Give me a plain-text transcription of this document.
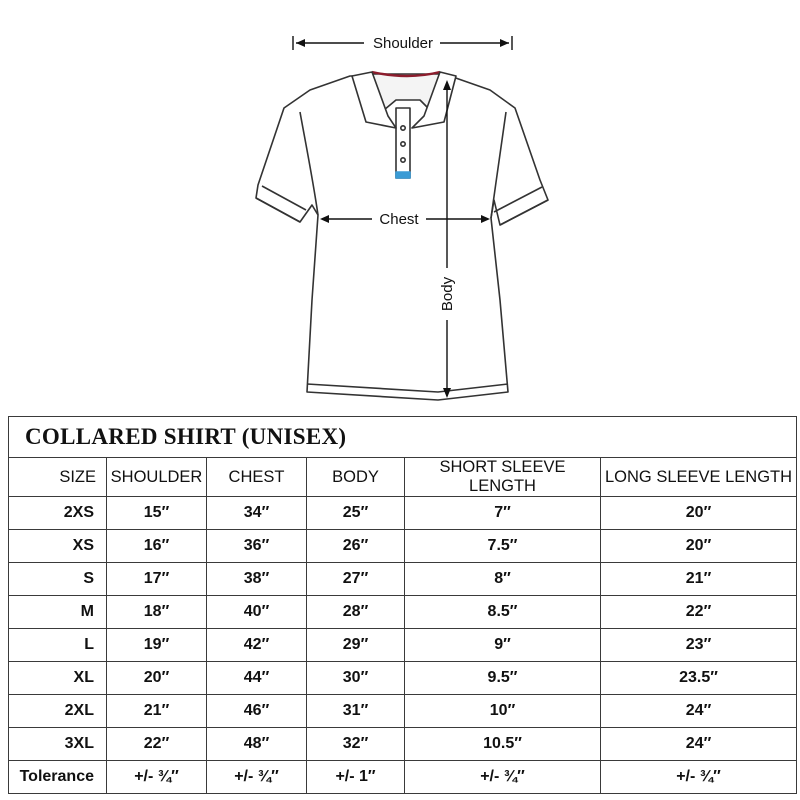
Shoulder
Chest
Body
COLLARED SHIRT (UNISEX)					
SIZE	SHOULDER	CHEST	BODY	SHORT SLEEVE LENGTH	LONG SLEEVE LENGTH
2XS	15″	34″	25″	7″	20″
XS	16″	36″	26″	7.5″	20″
S	17″	38″	27″	8″	21″
M	18″	40″	28″	8.5″	22″
L	19″	42″	29″	9″	23″
XL	20″	44″	30″	9.5″	23.5″
2XL	21″	46″	31″	10″	24″
3XL	22″	48″	32″	10.5″	24″
Tolerance	+/- ¾″	+/- ¾″	+/- 1″	+/- ¾″	+/- ¾″
